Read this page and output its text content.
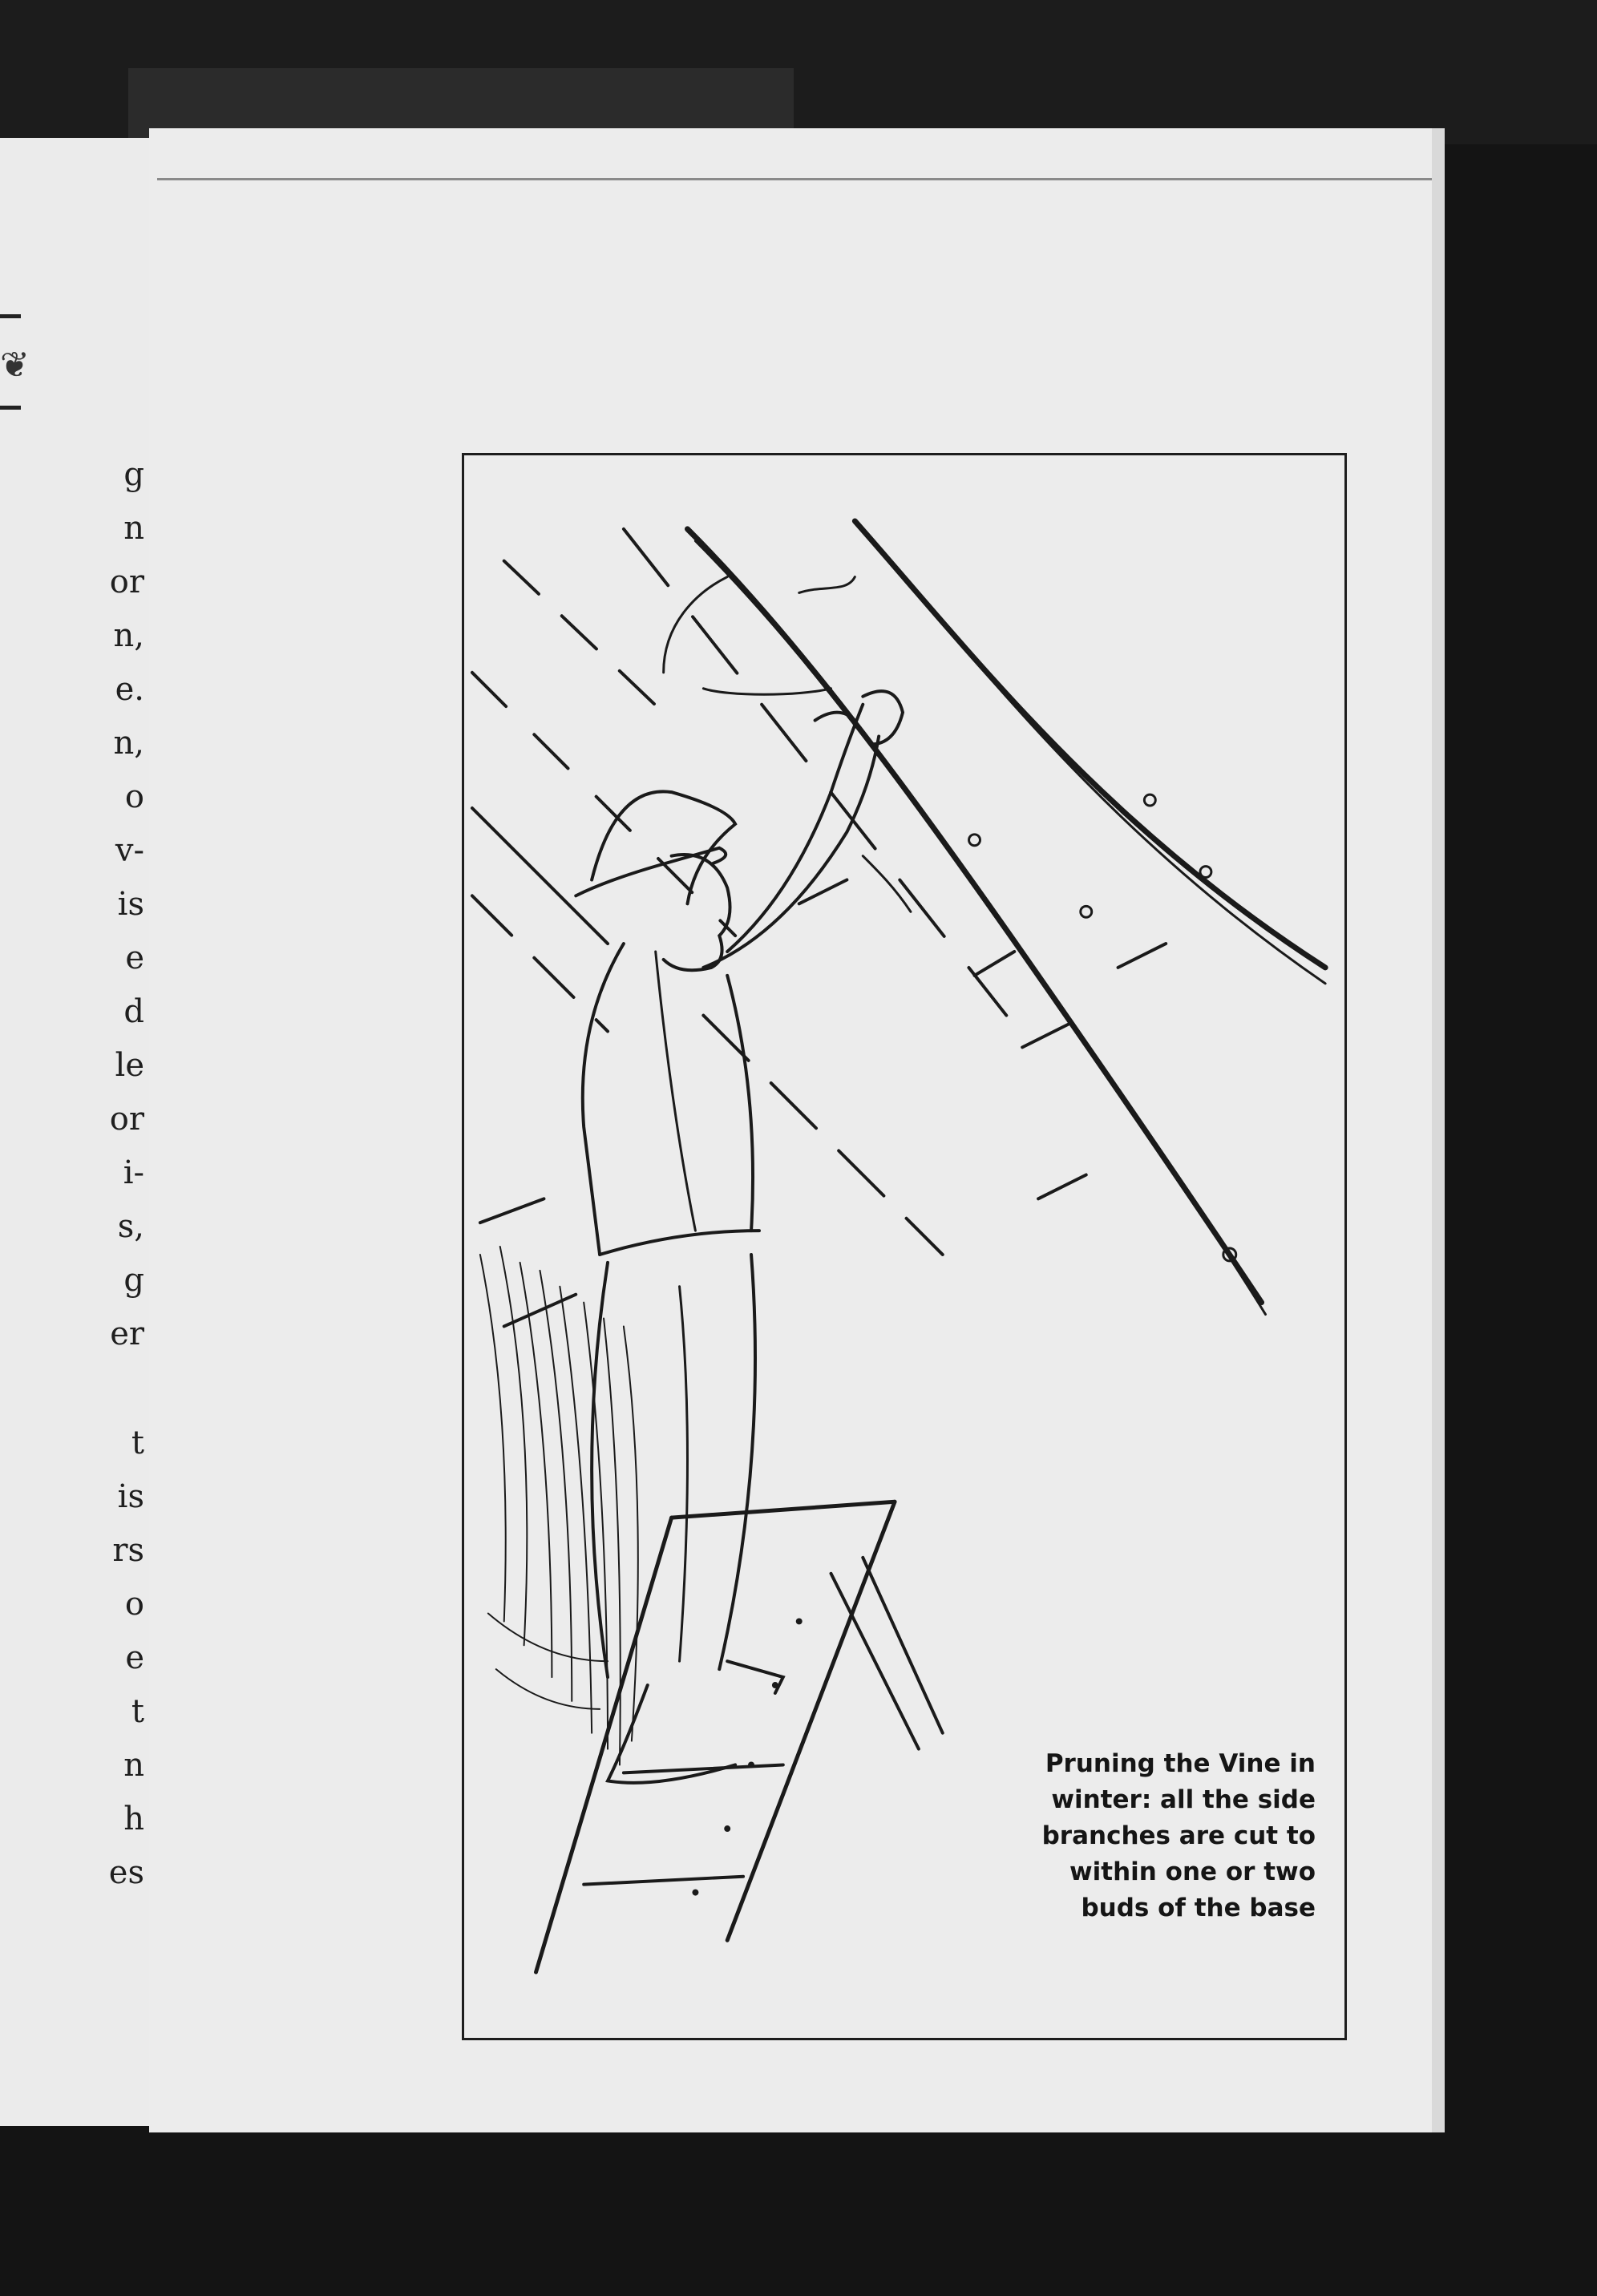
❦
g
n
or
n,
e.
n,
o
v-
is
e
d
le
or
i-
s,
g
er
t
is
rs
o
e
t
n
h
es
Pruning the Vine in
winter: all the side
branches are cut to
within one or two
buds of the base
